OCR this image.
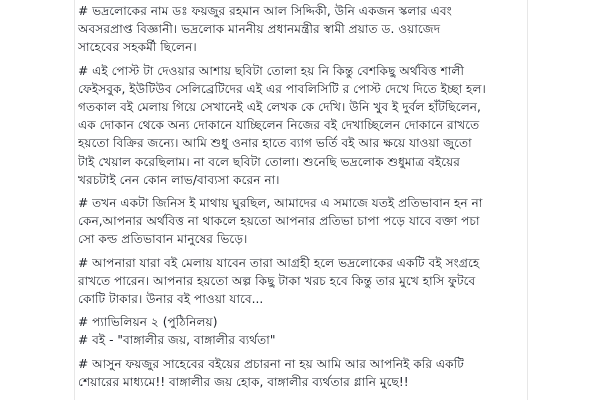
# ভদ্রলোকের নাম ডঃ ফয়জুর রহমান আল সিদ্দিকী, উনি একজন স্কলার এবং
অবসরপ্রাপ্ত বিজ্ঞানী। ভদ্রলোক মাননীয় প্রধানমন্ত্রীর স্বামী প্রয়াত ড. ওয়াজেদ
সাহেবের সহকর্মী ছিলেন।
# এই পোস্ট টা দেওয়ার আশায় ছবিটা তোলা হয় নি কিন্তু বেশকিছু অর্থবিত্ত শালী
ফেইসবুক, ইউটিউব সেলিব্রেটিদের এই এর পাবলিসিটি র পোস্ট দেখে দিতে ইচ্ছা হল।
গতকাল বই মেলায় গিয়ে সেখানেই এই লেখক কে দেখি। উনি খুব ই দুর্বল হাঁটছিলেন,
এক দোকান থেকে অন্য দোকানে যাচ্ছিলেন নিজের বই দেখাচ্ছিলেন দোকানে রাখতে
হয়তো বিক্রির জন্যে। আমি শুধু ওনার হাতে ব্যাগ ভর্তি বই আর ক্ষয়ে যাওয়া জুতো
টাই খেয়াল করেছিলাম। না বলে ছবিটা তোলা। শুনেছি ভদ্রলোক শুধুমাত্র বইয়ের
খরচটাই নেন কোন লাভ/বাব্যসা করেন না।
# তখন একটা জিনিস ই মাথায় ঘুরছিল, আমাদের এ সমাজে যতই প্রতিভাবান হন না
কেন,আপনার অর্থবিত্ত না থাকলে হয়তো আপনার প্রতিভা চাপা পড়ে যাবে বক্তা পচা
সো কল্ড প্রতিভাবান মানুষের ভিড়ে।
# আপনারা যারা বই মেলায় যাবেন তারা আগ্রহী হলে ভদ্রলোকের একটি বই সংগ্রহে
রাখতে পারেন। আপনার হয়তো অল্প কিছু টাকা খরচ হবে কিন্তু তার মুখে হাসি ফুটবে
কোটি টাকার। উনার বই পাওয়া যাবে...
# প্যাভিলিয়ন ২ (পুঠিনিলয়)
# বই - "বাঙ্গালীর জয়, বাঙ্গালীর ব্যর্থতা"
# আসুন ফয়জুর সাহেবের বইয়ের প্রচারনা না হয় আমি আর আপনিই করি একটি
শেয়ারের মাধ্যমে!! বাঙ্গালীর জয় হোক, বাঙ্গালীর ব্যর্থতার গ্লানি মুছে!!
